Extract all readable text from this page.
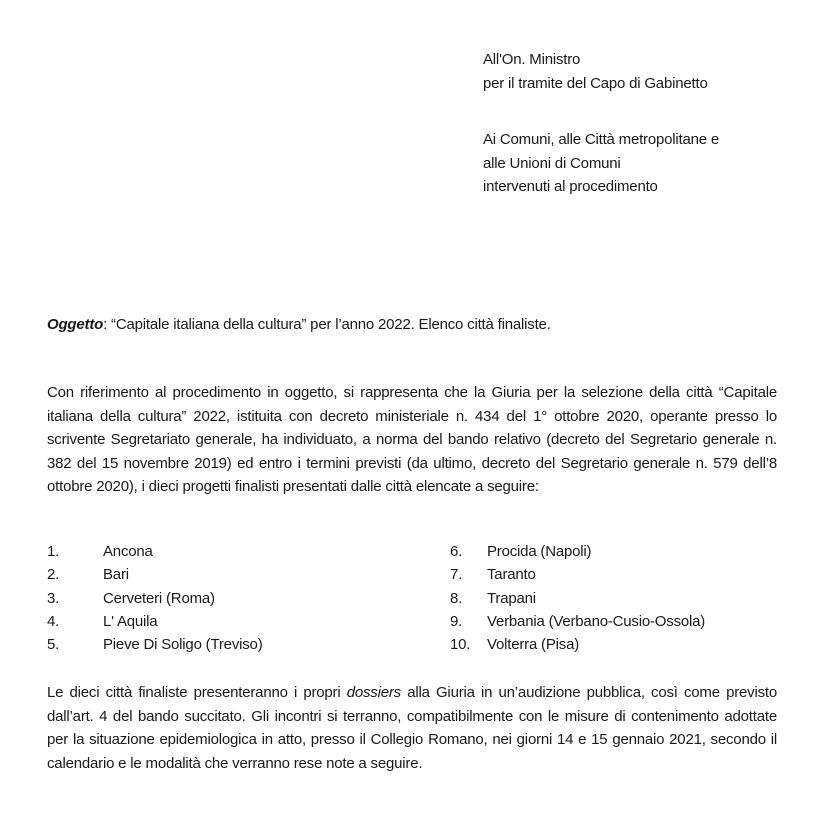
All'On. Ministro
per il tramite del Capo di Gabinetto
Ai Comuni, alle Città metropolitane e
alle Unioni di Comuni
intervenuti al procedimento
Oggetto: “Capitale italiana della cultura” per l’anno 2022. Elenco città finaliste.
Con riferimento al procedimento in oggetto, si rappresenta che la Giuria per la selezione della città “Capitale italiana della cultura” 2022, istituita con decreto ministeriale n. 434 del 1° ottobre 2020, operante presso lo scrivente Segretariato generale, ha individuato, a norma del bando relativo (decreto del Segretario generale n. 382 del 15 novembre 2019) ed entro i termini previsti (da ultimo, decreto del Segretario generale n. 579 dell’8 ottobre 2020), i dieci progetti finalisti presentati dalle città elencate a seguire:
1.	Ancona
2.	Bari
3.	Cerveteri (Roma)
4.	L' Aquila
5.	Pieve Di Soligo (Treviso)
6. Procida (Napoli)
7. Taranto
8. Trapani
9. Verbania (Verbano-Cusio-Ossola)
10. Volterra (Pisa)
Le dieci città finaliste presenteranno i propri dossiers alla Giuria in un’audizione pubblica, così come previsto dall’art. 4 del bando succitato. Gli incontri si terranno, compatibilmente con le misure di contenimento adottate per la situazione epidemiologica in atto, presso il Collegio Romano, nei giorni 14 e 15 gennaio 2021, secondo il calendario e le modalità che verranno rese note a seguire.
